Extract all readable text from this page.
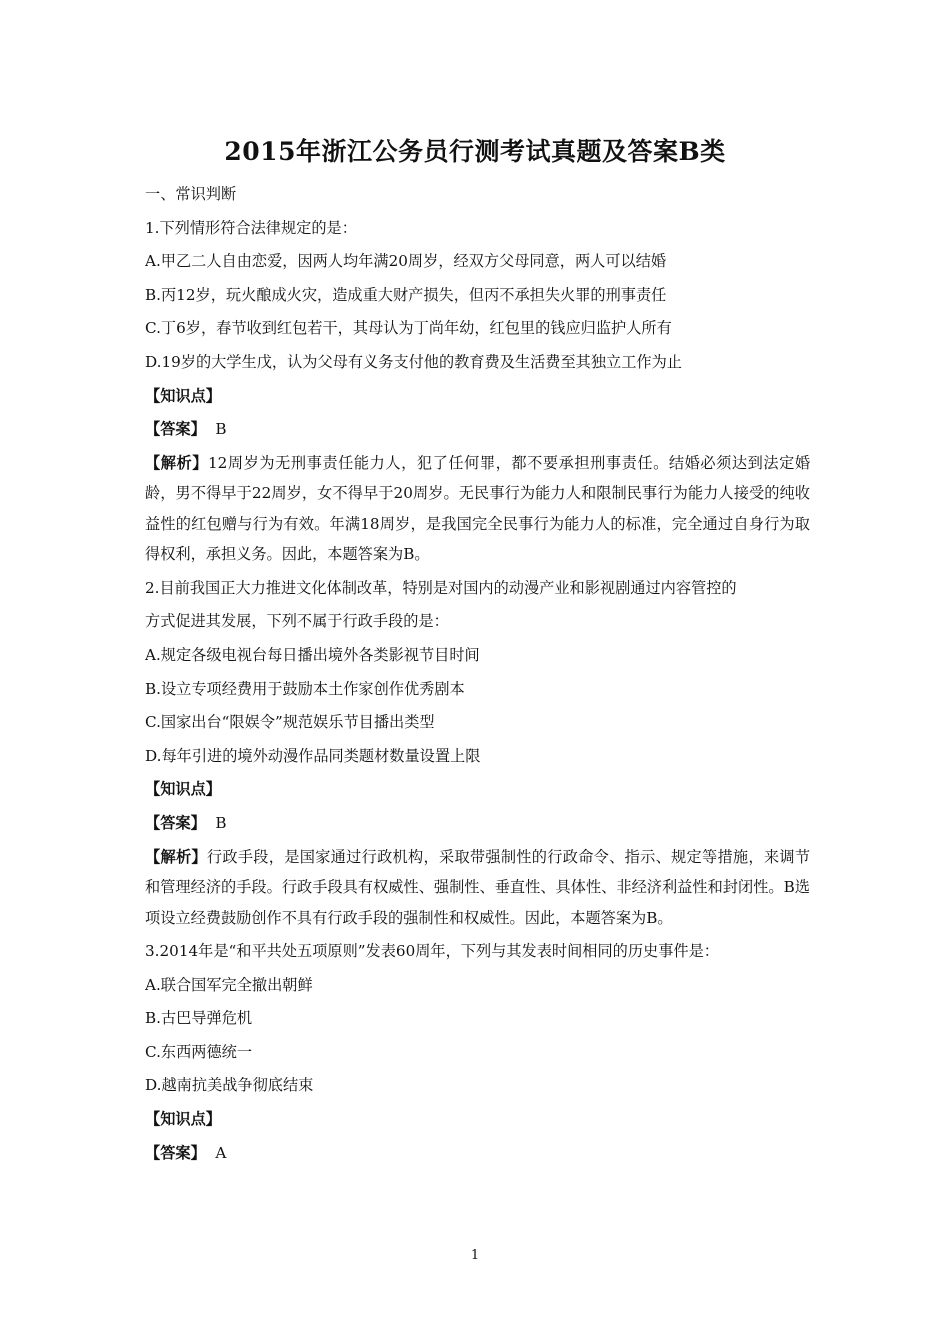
2015年浙江公务员行测考试真题及答案B类
一、常识判断
1.下列情形符合法律规定的是：
A.甲乙二人自由恋爱，因两人均年满20周岁，经双方父母同意，两人可以结婚
B.丙12岁，玩火酿成火灾，造成重大财产损失，但丙不承担失火罪的刑事责任
C.丁6岁，春节收到红包若干，其母认为丁尚年幼，红包里的钱应归监护人所有
D.19岁的大学生戊，认为父母有义务支付他的教育费及生活费至其独立工作为止
【知识点】
【答案】 B
【解析】12周岁为无刑事责任能力人，犯了任何罪，都不要承担刑事责任。结婚必须达到法定婚龄，男不得早于22周岁，女不得早于20周岁。无民事行为能力人和限制民事行为能力人接受的纯收益性的红包赠与行为有效。年满18周岁，是我国完全民事行为能力人的标准，完全通过自身行为取得权利，承担义务。因此，本题答案为B。
2.目前我国正大力推进文化体制改革，特别是对国内的动漫产业和影视剧通过内容管控的
方式促进其发展，下列不属于行政手段的是：
A.规定各级电视台每日播出境外各类影视节目时间
B.设立专项经费用于鼓励本土作家创作优秀剧本
C.国家出台“限娱令”规范娱乐节目播出类型
D.每年引进的境外动漫作品同类题材数量设置上限
【知识点】
【答案】 B
【解析】行政手段，是国家通过行政机构，采取带强制性的行政命令、指示、规定等措施，来调节和管理经济的手段。行政手段具有权威性、强制性、垂直性、具体性、非经济利益性和封闭性。B选项设立经费鼓励创作不具有行政手段的强制性和权威性。因此，本题答案为B。
3.2014年是“和平共处五项原则”发表60周年，下列与其发表时间相同的历史事件是：
A.联合国军完全撤出朝鲜
B.古巴导弹危机
C.东西两德统一
D.越南抗美战争彻底结束
【知识点】
【答案】 A
1
